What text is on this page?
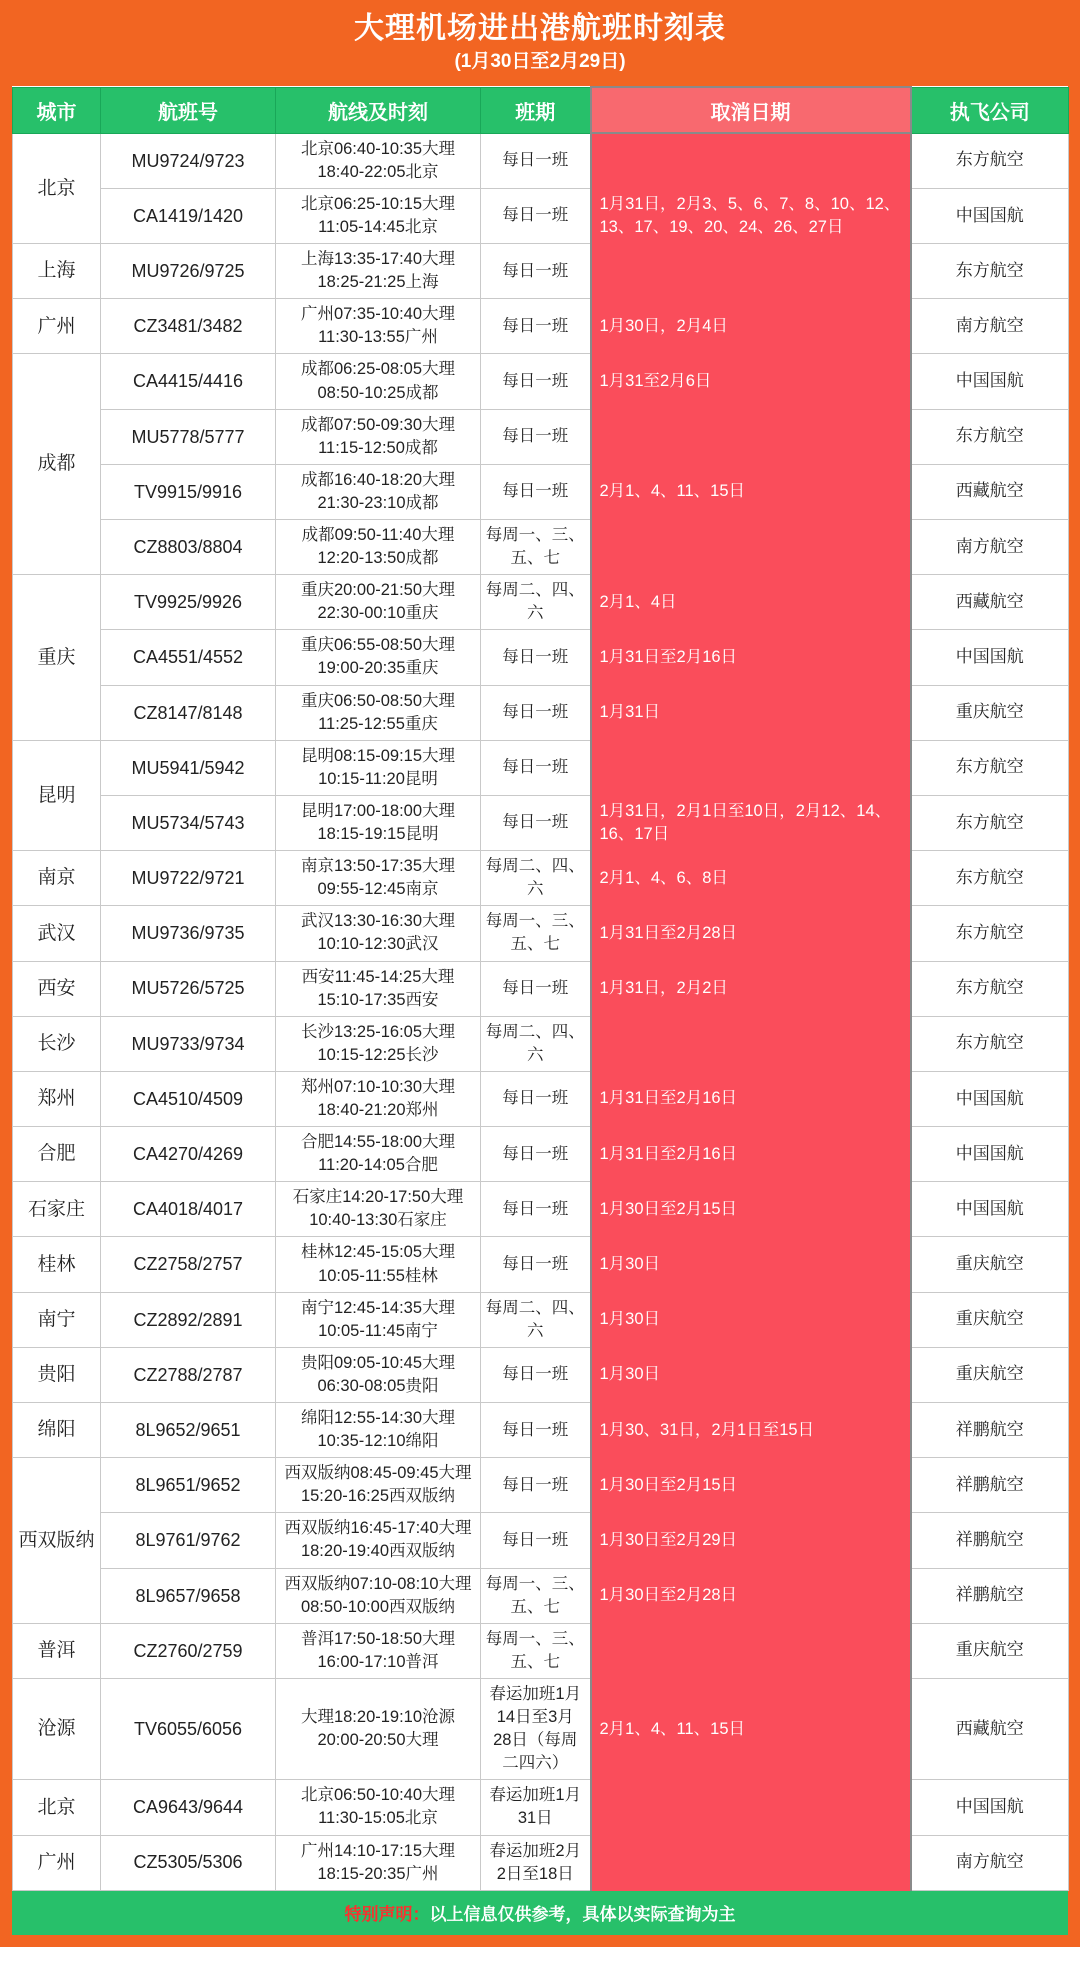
大理机场进出港航班时刻表
(1月30日至2月29日)
城市	航班号	航线及时刻	班期	取消日期	执飞公司
北京	MU9724/9723	北京06:40-10:35大理
18:40-22:05北京	每日一班		东方航空
	CA1419/1420	北京06:25-10:15大理
11:05-14:45北京	每日一班	1月31日，2月3、5、6、7、8、10、12、13、17、19、20、24、26、27日	中国国航
上海	MU9726/9725	上海13:35-17:40大理
18:25-21:25上海	每日一班		东方航空
广州	CZ3481/3482	广州07:35-10:40大理
11:30-13:55广州	每日一班	1月30日，2月4日	南方航空
成都	CA4415/4416	成都06:25-08:05大理
08:50-10:25成都	每日一班	1月31至2月6日	中国国航
	MU5778/5777	成都07:50-09:30大理
11:15-12:50成都	每日一班		东方航空
	TV9915/9916	成都16:40-18:20大理
21:30-23:10成都	每日一班	2月1、4、11、15日	西藏航空
	CZ8803/8804	成都09:50-11:40大理
12:20-13:50成都	每周一、三、
五、七		南方航空
重庆	TV9925/9926	重庆20:00-21:50大理
22:30-00:10重庆	每周二、四、
六	2月1、4日	西藏航空
	CA4551/4552	重庆06:55-08:50大理
19:00-20:35重庆	每日一班	1月31日至2月16日	中国国航
	CZ8147/8148	重庆06:50-08:50大理
11:25-12:55重庆	每日一班	1月31日	重庆航空
昆明	MU5941/5942	昆明08:15-09:15大理
10:15-11:20昆明	每日一班		东方航空
	MU5734/5743	昆明17:00-18:00大理
18:15-19:15昆明	每日一班	1月31日，2月1日至10日，2月12、14、16、17日	东方航空
南京	MU9722/9721	南京13:50-17:35大理
09:55-12:45南京	每周二、四、
六	2月1、4、6、8日	东方航空
武汉	MU9736/9735	武汉13:30-16:30大理
10:10-12:30武汉	每周一、三、
五、七	1月31日至2月28日	东方航空
西安	MU5726/5725	西安11:45-14:25大理
15:10-17:35西安	每日一班	1月31日，2月2日	东方航空
长沙	MU9733/9734	长沙13:25-16:05大理
10:15-12:25长沙	每周二、四、
六		东方航空
郑州	CA4510/4509	郑州07:10-10:30大理
18:40-21:20郑州	每日一班	1月31日至2月16日	中国国航
合肥	CA4270/4269	合肥14:55-18:00大理
11:20-14:05合肥	每日一班	1月31日至2月16日	中国国航
石家庄	CA4018/4017	石家庄14:20-17:50大理
10:40-13:30石家庄	每日一班	1月30日至2月15日	中国国航
桂林	CZ2758/2757	桂林12:45-15:05大理
10:05-11:55桂林	每日一班	1月30日	重庆航空
南宁	CZ2892/2891	南宁12:45-14:35大理
10:05-11:45南宁	每周二、四、
六	1月30日	重庆航空
贵阳	CZ2788/2787	贵阳09:05-10:45大理
06:30-08:05贵阳	每日一班	1月30日	重庆航空
绵阳	8L9652/9651	绵阳12:55-14:30大理
10:35-12:10绵阳	每日一班	1月30、31日，2月1日至15日	祥鹏航空
西双版纳	8L9651/9652	西双版纳08:45-09:45大理
15:20-16:25西双版纳	每日一班	1月30日至2月15日	祥鹏航空
	8L9761/9762	西双版纳16:45-17:40大理
18:20-19:40西双版纳	每日一班	1月30日至2月29日	祥鹏航空
	8L9657/9658	西双版纳07:10-08:10大理
08:50-10:00西双版纳	每周一、三、
五、七	1月30日至2月28日	祥鹏航空
普洱	CZ2760/2759	普洱17:50-18:50大理
16:00-17:10普洱	每周一、三、
五、七		重庆航空
沧源	TV6055/6056	大理18:20-19:10沧源
20:00-20:50大理	春运加班1月
14日至3月
28日（每周
二四六）	2月1、4、11、15日	西藏航空
北京	CA9643/9644	北京06:50-10:40大理
11:30-15:05北京	春运加班1月
31日		中国国航
广州	CZ5305/5306	广州14:10-17:15大理
18:15-20:35广州	春运加班2月
2日至18日		南方航空
特别声明：以上信息仅供参考，具体以实际查询为主
